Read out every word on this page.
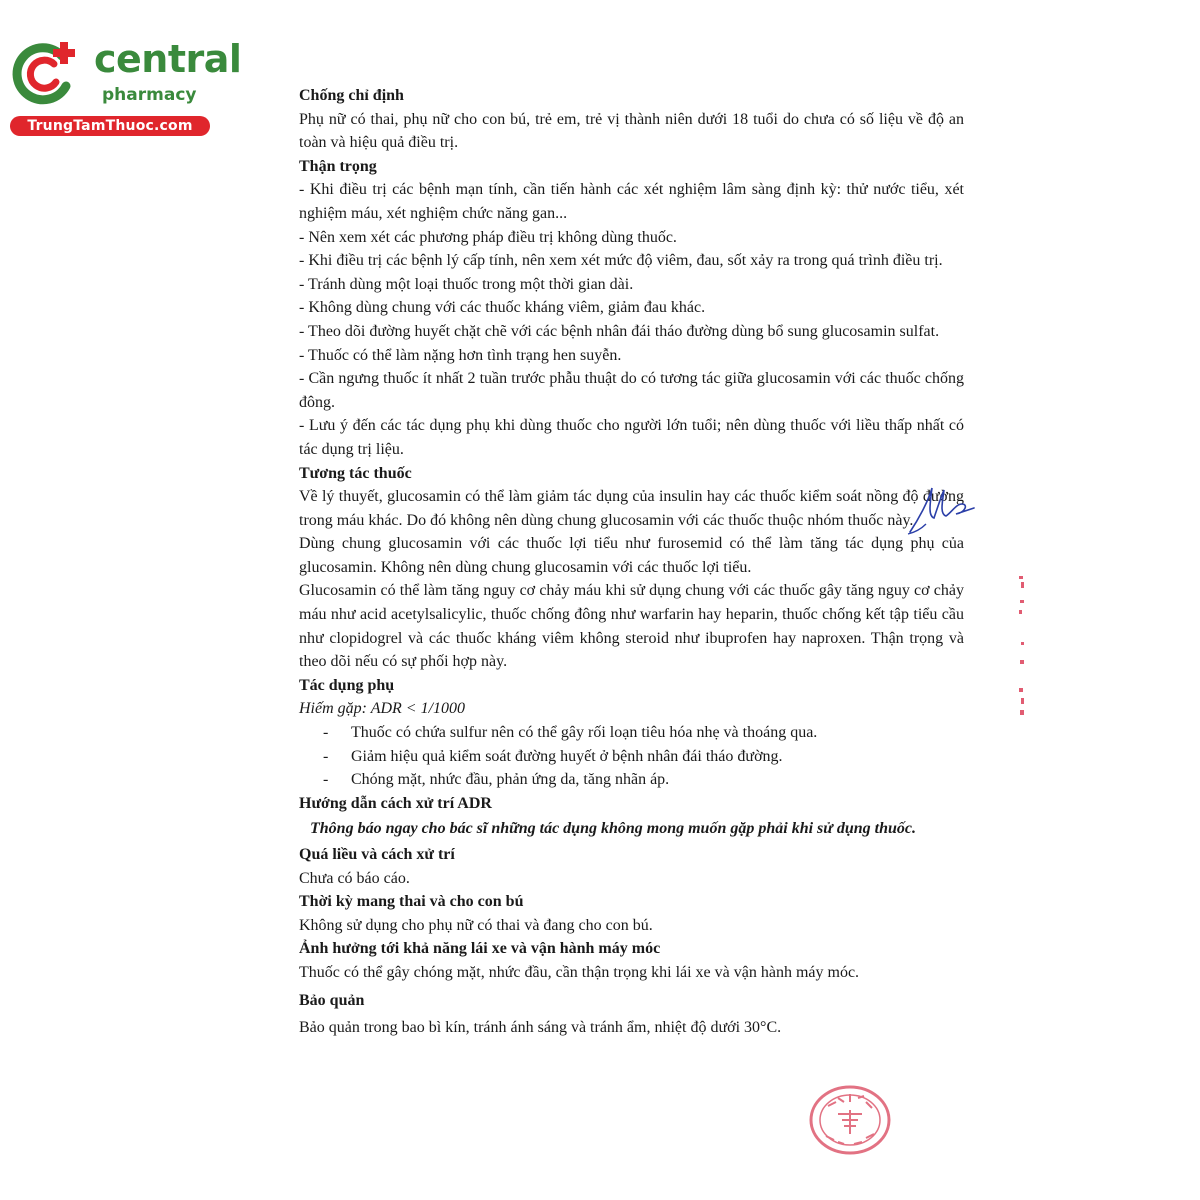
central
pharmacy
TrungTamThuoc.com
Chống chỉ định

Phụ nữ có thai, phụ nữ cho con bú, trẻ em, trẻ vị thành niên dưới 18 tuổi do chưa có số liệu về độ an toàn và hiệu quả điều trị.

Thận trọng

- Khi điều trị các bệnh mạn tính, cần tiến hành các xét nghiệm lâm sàng định kỳ: thử nước tiểu, xét nghiệm máu, xét nghiệm chức năng gan...

- Nên xem xét các phương pháp điều trị không dùng thuốc.

- Khi điều trị các bệnh lý cấp tính, nên xem xét mức độ viêm, đau, sốt xảy ra trong quá trình điều trị.

- Tránh dùng một loại thuốc trong một thời gian dài.

- Không dùng chung với các thuốc kháng viêm, giảm đau khác.

- Theo dõi đường huyết chặt chẽ với các bệnh nhân đái tháo đường dùng bổ sung glucosamin sulfat.

- Thuốc có thể làm nặng hơn tình trạng hen suyễn.

- Cần ngưng thuốc ít nhất 2 tuần trước phẫu thuật do có tương tác giữa glucosamin với các thuốc chống đông.

- Lưu ý đến các tác dụng phụ khi dùng thuốc cho người lớn tuổi; nên dùng thuốc với liều thấp nhất có tác dụng trị liệu.

Tương tác thuốc

Về lý thuyết, glucosamin có thể làm giảm tác dụng của insulin hay các thuốc kiểm soát nồng độ đường trong máu khác. Do đó không nên dùng chung glucosamin với các thuốc thuộc nhóm thuốc này.

Dùng chung glucosamin với các thuốc lợi tiểu như furosemid có thể làm tăng tác dụng phụ của glucosamin. Không nên dùng chung glucosamin với các thuốc lợi tiểu.

Glucosamin có thể làm tăng nguy cơ chảy máu khi sử dụng chung với các thuốc gây tăng nguy cơ chảy máu như acid acetylsalicylic, thuốc chống đông như warfarin hay heparin, thuốc chống kết tập tiểu cầu như clopidogrel và các thuốc kháng viêm không steroid như ibuprofen hay naproxen. Thận trọng và theo dõi nếu có sự phối hợp này.

Tác dụng phụ

Hiếm gặp: ADR < 1/1000

- Thuốc có chứa sulfur nên có thể gây rối loạn tiêu hóa nhẹ và thoáng qua.
- Giảm hiệu quả kiểm soát đường huyết ở bệnh nhân đái tháo đường.
- Chóng mặt, nhức đầu, phản ứng da, tăng nhãn áp.
Hướng dẫn cách xử trí ADR

Thông báo ngay cho bác sĩ những tác dụng không mong muốn gặp phải khi sử dụng thuốc.

Quá liều và cách xử trí

Chưa có báo cáo.

Thời kỳ mang thai và cho con bú

Không sử dụng cho phụ nữ có thai và đang cho con bú.

Ảnh hưởng tới khả năng lái xe và vận hành máy móc

Thuốc có thể gây chóng mặt, nhức đầu, cần thận trọng khi lái xe và vận hành máy móc.

Bảo quản

Bảo quản trong bao bì kín, tránh ánh sáng và tránh ẩm, nhiệt độ dưới 30°C.
